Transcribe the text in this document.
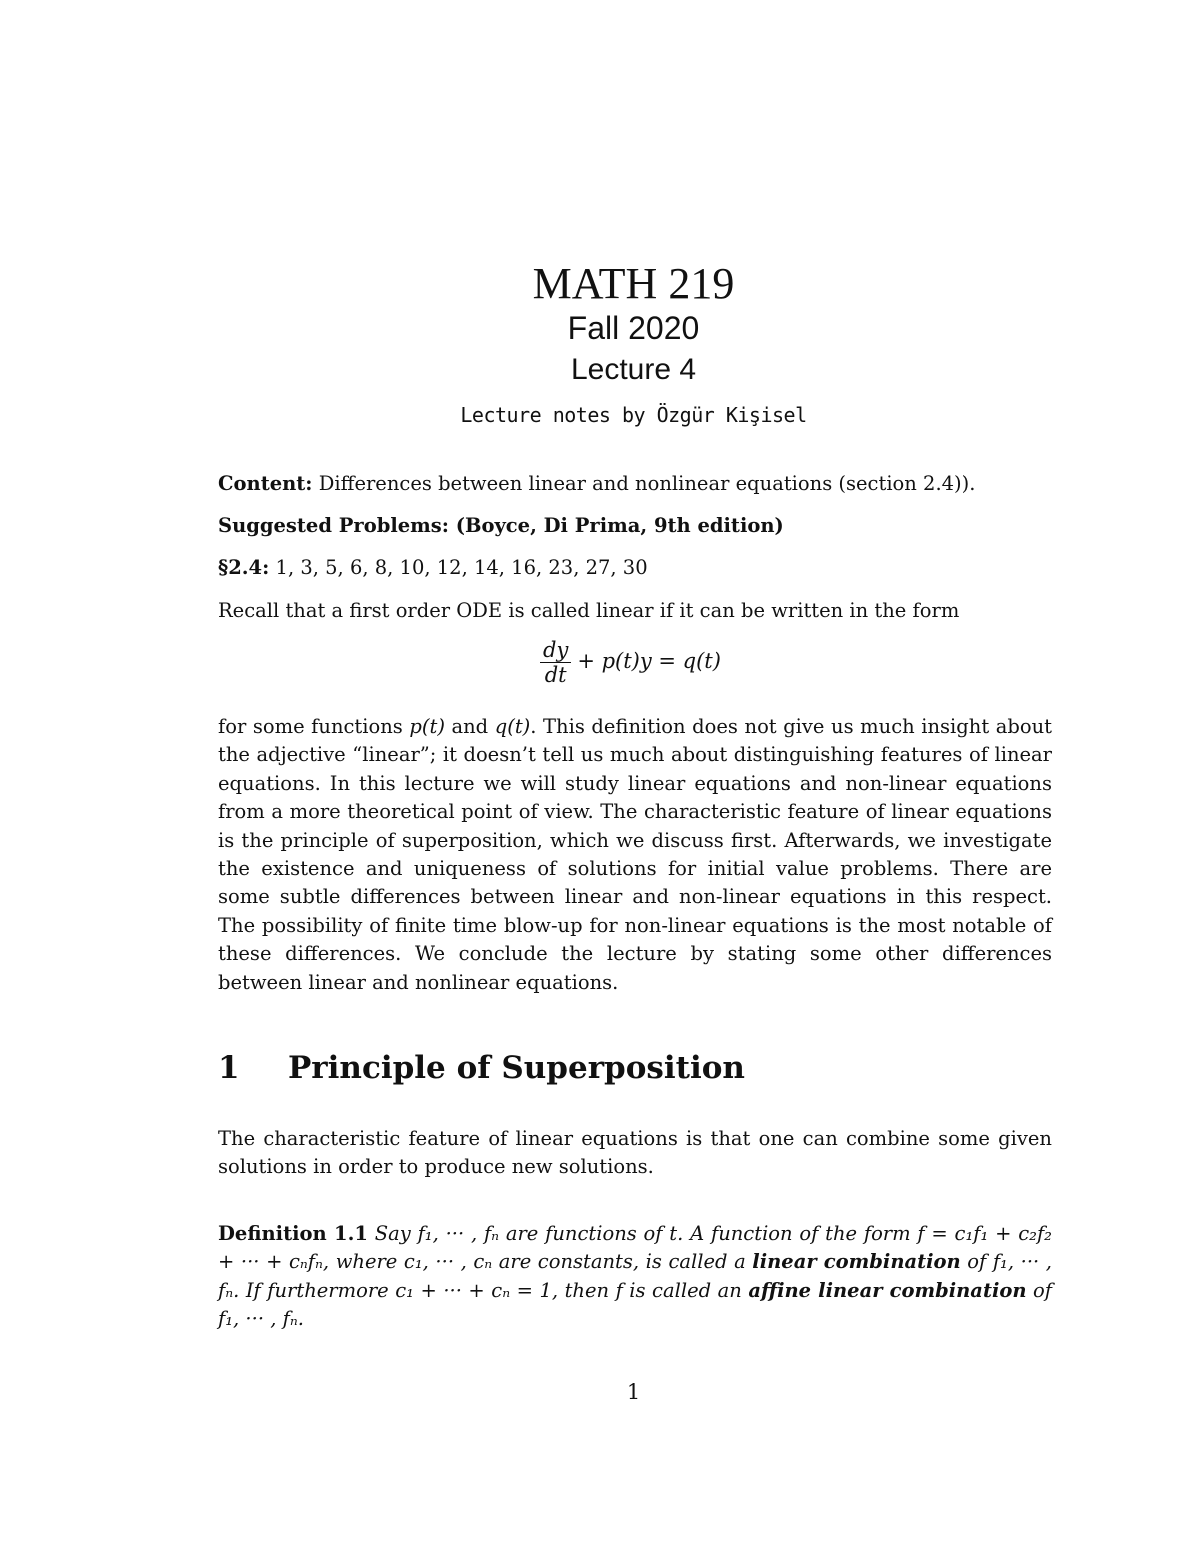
MATH 219
Fall 2020
Lecture 4
Lecture notes by Özgür Kişisel
Content: Differences between linear and nonlinear equations (section 2.4)).
Suggested Problems: (Boyce, Di Prima, 9th edition)
§2.4: 1, 3, 5, 6, 8, 10, 12, 14, 16, 23, 27, 30
Recall that a first order ODE is called linear if it can be written in the form
$\frac{dy}{dt} + p(t)y = q(t)$
for some functions p(t) and q(t). This definition does not give us much insight about the adjective “linear”; it doesn’t tell us much about distinguishing features of linear equations. In this lecture we will study linear equations and non-linear equations from a more theoretical point of view. The characteristic feature of linear equations is the principle of superposition, which we discuss first. Afterwards, we investigate the existence and uniqueness of solutions for initial value problems. There are some subtle differences between linear and non-linear equations in this respect. The possibility of finite time blow-up for non-linear equations is the most notable of these differences. We conclude the lecture by stating some other differences between linear and nonlinear equations.
1 Principle of Superposition
The characteristic feature of linear equations is that one can combine some given solutions in order to produce new solutions.
Definition 1.1 Say f₁, ··· , fₙ are functions of t. A function of the form f = c₁f₁ + c₂f₂ + ··· + cₙfₙ, where c₁, ··· , cₙ are constants, is called a linear combination of f₁, ··· , fₙ. If furthermore c₁ + ··· + cₙ = 1, then f is called an affine linear combination of f₁, ··· , fₙ.
1
